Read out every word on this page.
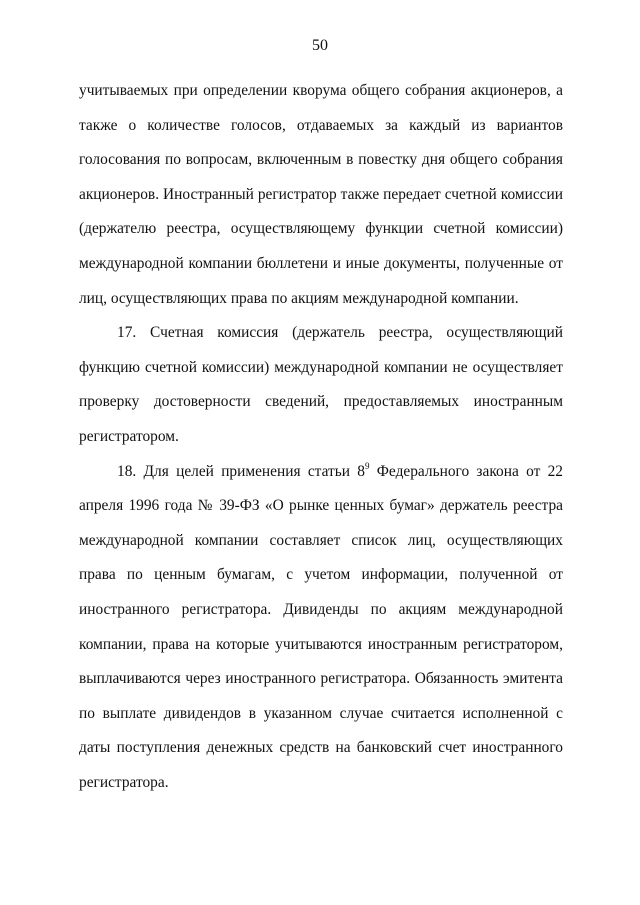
50

учитываемых при определении кворума общего собрания акционеров, а также о количестве голосов, отдаваемых за каждый из вариантов голосования по вопросам, включенным в повестку дня общего собрания акционеров. Иностранный регистратор также передает счетной комиссии (держателю реестра, осуществляющему функции счетной комиссии) международной компании бюллетени и иные документы, полученные от лиц, осуществляющих права по акциям международной компании.

17. Счетная комиссия (держатель реестра, осуществляющий функцию счетной комиссии) международной компании не осуществляет проверку достоверности сведений, предоставляемых иностранным регистратором.

18. Для целей применения статьи $8^9$ Федерального закона от 22 апреля 1996 года № 39-ФЗ «О рынке ценных бумаг» держатель реестра международной компании составляет список лиц, осуществляющих права по ценным бумагам, с учетом информации, полученной от иностранного регистратора. Дивиденды по акциям международной компании, права на которые учитываются иностранным регистратором, выплачиваются через иностранного регистратора. Обязанность эмитента по выплате дивидендов в указанном случае считается исполненной с даты поступления денежных средств на банковский счет иностранного регистратора.
